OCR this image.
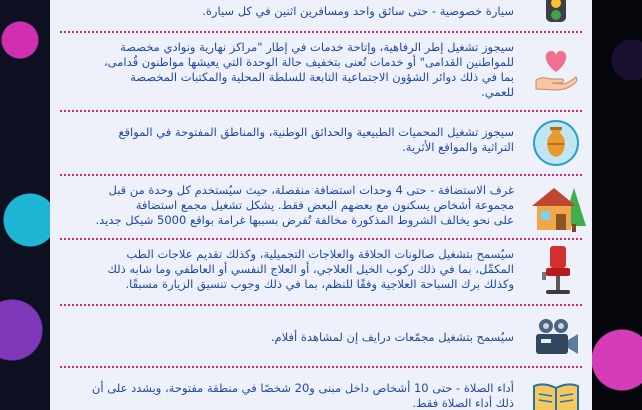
سيارة خصوصية - حتى سائق واحد ومسافرين اثنين في كل سيارة.
سيجوز تشغيل إطر الرفاهية، وإتاحة خدمات في إطار "مراكز نهارية ونوادي مخصصة
للمواطنين القدامى" أو خدمات تُعنى بتخفيف حالة الوحدة التي يعيشها مواطنون قُدامى،
بما في ذلك دوائر الشؤون الاجتماعية التابعة للسلطة المحلية والمكتبات المخصصة
للعمي.
سيجوز تشغيل المحميات الطبيعية والحدائق الوطنية، والمناطق المفتوحة في المواقع
التراثية والمواقع الأثرية.
غرف الاستضافة - حتى 4 وحدات استضافة منفصلة، حيث سيُستخدم كل وحدة من قبل
مجموعة أشخاص يسكنون مع بعضهم البعض فقط. يشكل تشغيل مجمع استضافة
على نحو يخالف الشروط المذكورة مخالفة تُفرض بسببها غرامة بواقع 5000 شيكل جديد.
سيُسمح بتشغيل صالونات الحلاقة والعلاجات التجميلية، وكذلك تقديم علاجات الطب
المكمِّل، بما في ذلك ركوب الخيل العلاجي، أو العلاج النفسي أو العاطفي وما شابه ذلك
وكذلك برك السباحة العلاجية وفقًا للنظم، بما في ذلك وجوب تنسيق الزيارة مسبقًا.
سيُسمح بتشغيل مجمّعات درايف إن لمشاهدة أفلام.
أداء الصلاة - حتى 10 أشخاص داخل مبنى و20 شخصًا في منطقة مفتوحة، ويشدد على أن
ذلك أداء الصلاة فقط.
